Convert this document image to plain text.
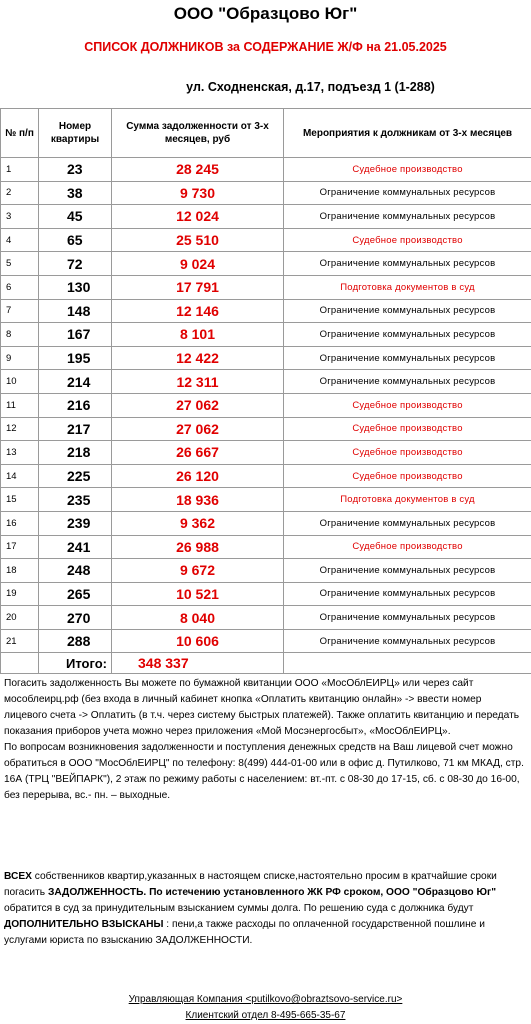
ООО "Образцово Юг"
СПИСОК ДОЛЖНИКОВ за СОДЕРЖАНИЕ Ж/Ф на 21.05.2025
ул. Сходненская, д.17, подъезд 1 (1-288)
№ п/п	Номер квартиры	Сумма задолженности от 3-х месяцев, руб	Мероприятия к должникам от 3-х месяцев
1	23	28 245	Судебное производство
2	38	9 730	Ограничение коммунальных ресурсов
3	45	12 024	Ограничение коммунальных ресурсов
4	65	25 510	Судебное производство
5	72	9 024	Ограничение коммунальных ресурсов
6	130	17 791	Подготовка документов в суд
7	148	12 146	Ограничение коммунальных ресурсов
8	167	8 101	Ограничение коммунальных ресурсов
9	195	12 422	Ограничение коммунальных ресурсов
10	214	12 311	Ограничение коммунальных ресурсов
11	216	27 062	Судебное производство
12	217	27 062	Судебное производство
13	218	26 667	Судебное производство
14	225	26 120	Судебное производство
15	235	18 936	Подготовка документов в суд
16	239	9 362	Ограничение коммунальных ресурсов
17	241	26 988	Судебное производство
18	248	9 672	Ограничение коммунальных ресурсов
19	265	10 521	Ограничение коммунальных ресурсов
20	270	8 040	Ограничение коммунальных ресурсов
21	288	10 606	Ограничение коммунальных ресурсов
	Итого:	348 337	
Погасить задолженность Вы можете по бумажной квитанции ООО «МосОблЕИРЦ» или через сайт мособлеирц.рф (без входа в личный кабинет кнопка «Оплатить квитанцию онлайн» -> ввести номер лицевого счета -> Оплатить (в т.ч. через систему быстрых платежей). Также оплатить квитанцию и передать показания приборов учета можно через приложения «Мой Мосэнергосбыт», «МосОблЕИРЦ».
По вопросам возникновения задолженности и поступления денежных средств на Ваш лицевой счет можно обратиться в ООО "МосОблЕИРЦ" по телефону: 8(499) 444-01-00 или в офис д. Путилково, 71 км МКАД, стр. 16А (ТРЦ "ВЕЙПАРК"), 2 этаж по режиму работы с населением: вт.-пт. с 08-30 до 17-15, сб. с 08-30 до 16-00, без перерыва, вс.- пн. – выходные.
ВСЕХ собственников квартир,указанных в настоящем списке,настоятельно просим в кратчайшие сроки погасить ЗАДОЛЖЕННОСТЬ. По истечению установленного ЖК РФ сроком, ООО "Образцово Юг" обратится в суд за принудительным взысканием суммы долга. По решению суда с должника будут ДОПОЛНИТЕЛЬНО ВЗЫСКАНЫ : пени,а также расходы по оплаченной государственной пошлине и услугами юриста по взысканию ЗАДОЛЖЕННОСТИ.
Управляющая Компания <putilkovo@obraztsovo-service.ru>
Клиентский отдел 8-495-665-35-67
